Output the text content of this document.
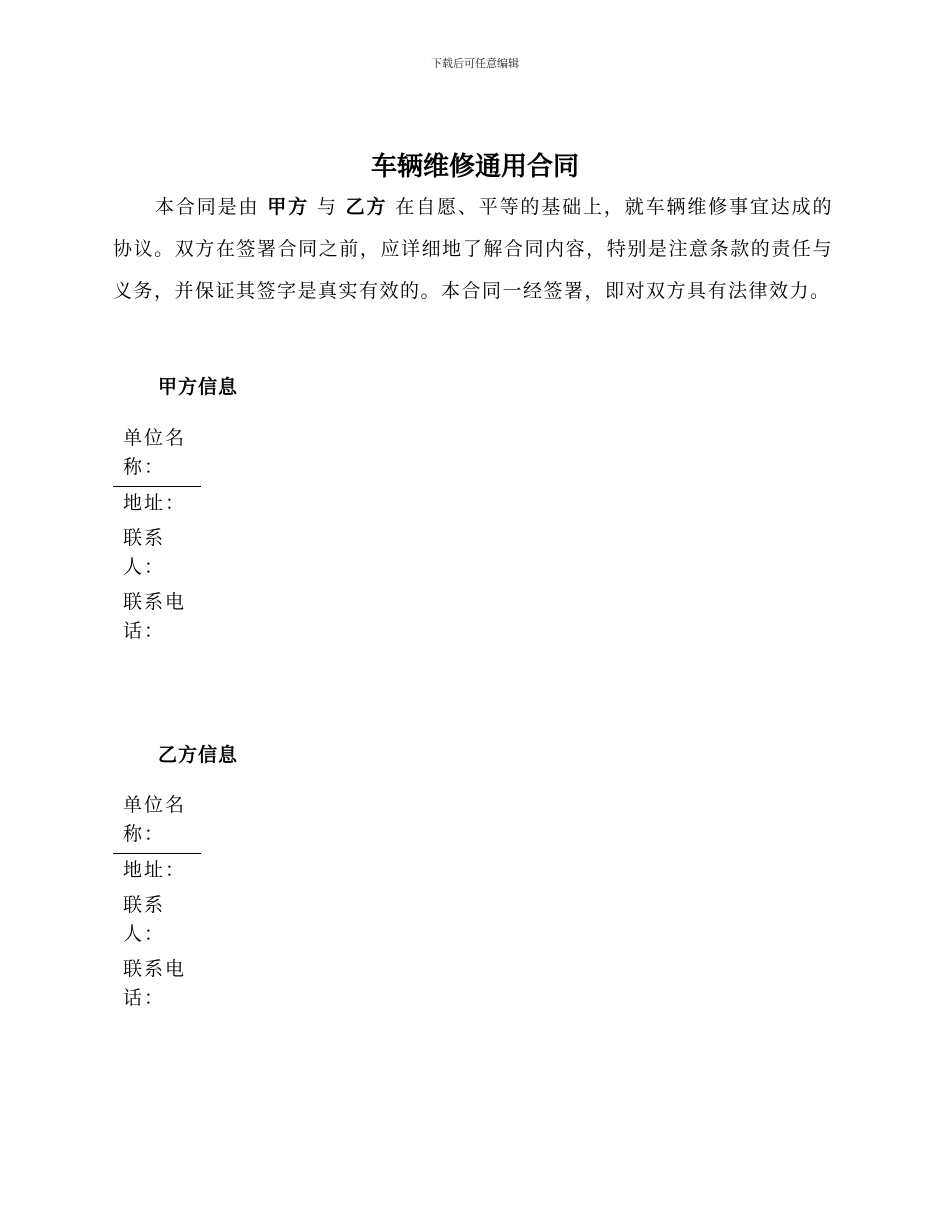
下载后可任意编辑
车辆维修通用合同

本合同是由 甲方 与 乙方 在自愿、平等的基础上，就车辆维修事宜达成的协议。双方在签署合同之前，应详细地了解合同内容，特别是注意条款的责任与义务，并保证其签字是真实有效的。本合同一经签署，即对双方具有法律效力。

甲方信息
单位名称：
地址：
联系人：
联系电话：
乙方信息
单位名称：
地址：
联系人：
联系电话：
